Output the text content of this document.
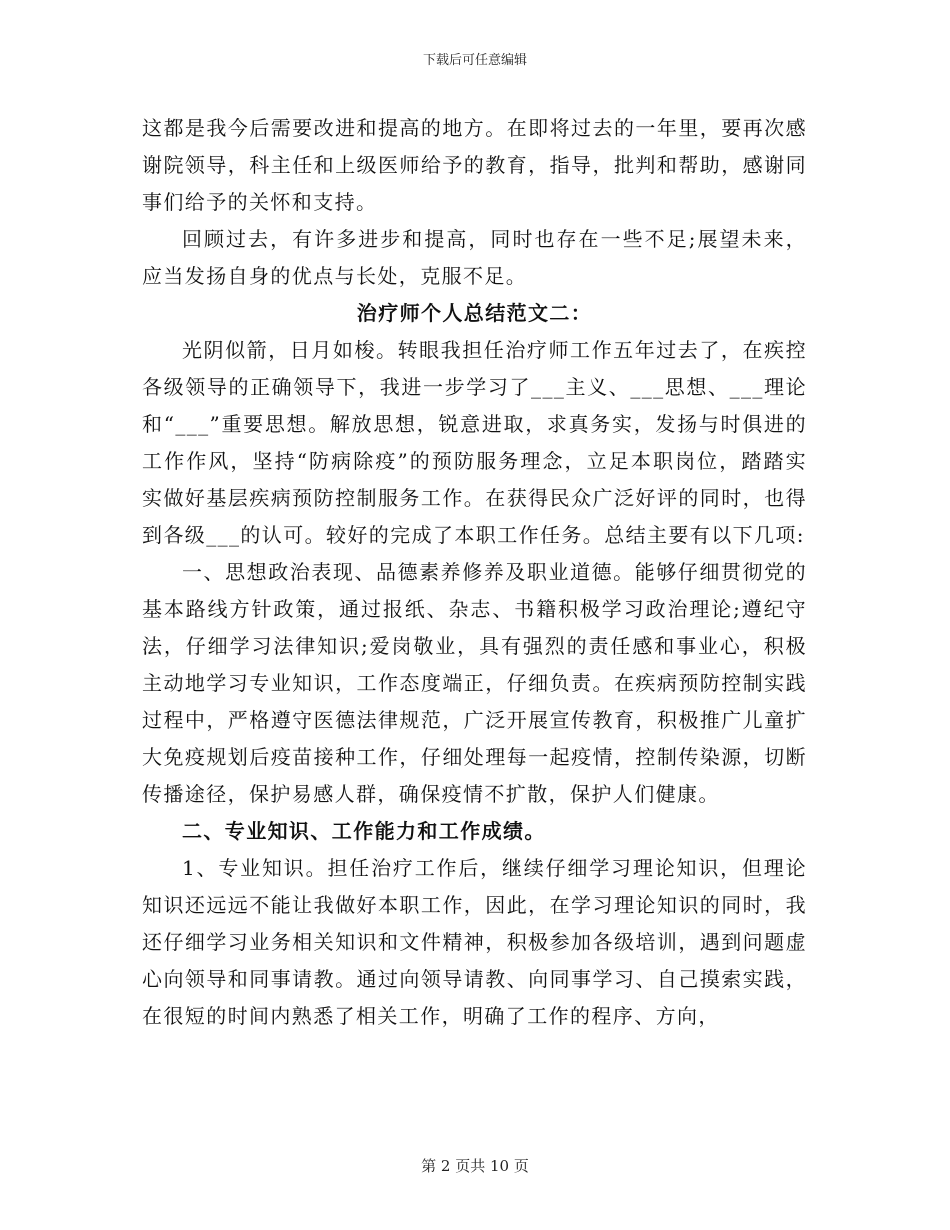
下载后可任意编辑

这都是我今后需要改进和提高的地方。在即将过去的一年里，要再次感谢院领导，科主任和上级医师给予的教育，指导，批判和帮助，感谢同事们给予的关怀和支持。

回顾过去，有许多进步和提高，同时也存在一些不足;展望未来，应当发扬自身的优点与长处，克服不足。

治疗师个人总结范文二：

光阴似箭，日月如梭。转眼我担任治疗师工作五年过去了，在疾控各级领导的正确领导下，我进一步学习了___主义、___思想、___理论和“___”重要思想。解放思想，锐意进取，求真务实，发扬与时俱进的工作作风，坚持“防病除疫”的预防服务理念，立足本职岗位，踏踏实实做好基层疾病预防控制服务工作。在获得民众广泛好评的同时，也得到各级___的认可。较好的完成了本职工作任务。总结主要有以下几项:

一、思想政治表现、品德素养修养及职业道德。能够仔细贯彻党的基本路线方针政策，通过报纸、杂志、书籍积极学习政治理论;遵纪守法，仔细学习法律知识;爱岗敬业，具有强烈的责任感和事业心，积极主动地学习专业知识，工作态度端正，仔细负责。在疾病预防控制实践过程中，严格遵守医德法律规范，广泛开展宣传教育，积极推广儿童扩大免疫规划后疫苗接种工作，仔细处理每一起疫情，控制传染源，切断传播途径，保护易感人群，确保疫情不扩散，保护人们健康。

二、专业知识、工作能力和工作成绩。

1、专业知识。担任治疗工作后，继续仔细学习理论知识，但理论知识还远远不能让我做好本职工作，因此，在学习理论知识的同时，我还仔细学习业务相关知识和文件精神，积极参加各级培训，遇到问题虚心向领导和同事请教。通过向领导请教、向同事学习、自己摸索实践，在很短的时间内熟悉了相关工作，明确了工作的程序、方向，

第 2 页共 10 页
